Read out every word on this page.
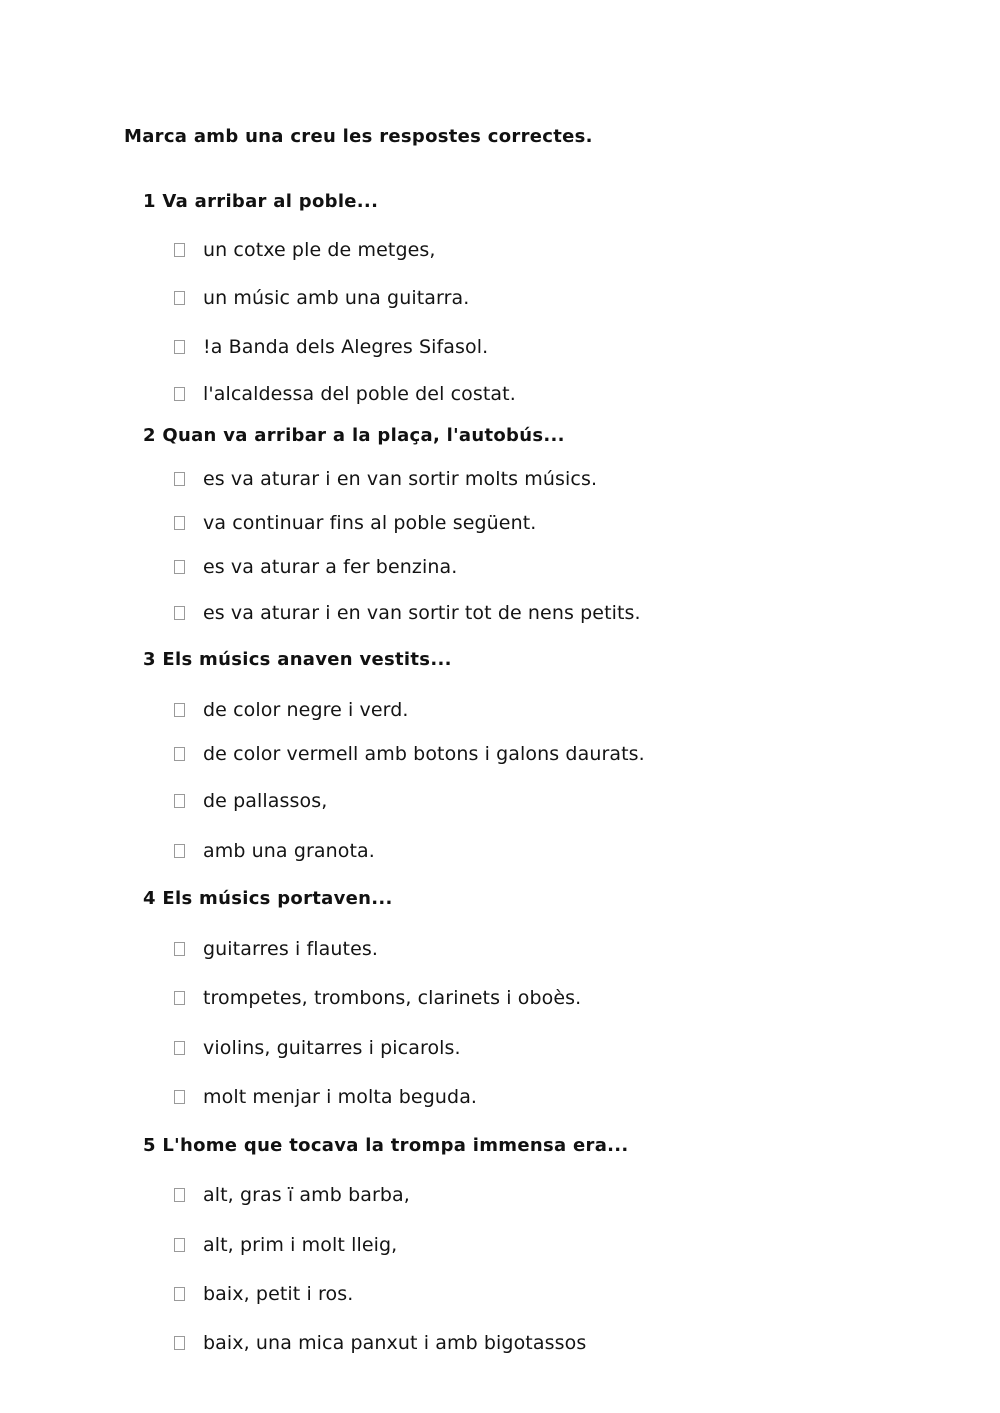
Marca amb una creu les respostes correctes.

1 Va arribar al poble...

un cotxe ple de metges,
un músic amb una guitarra.
!a Banda dels Alegres Sifasol.
l'alcaldessa del poble del costat.

2 Quan va arribar a la plaça, l'autobús...

es va aturar i en van sortir molts músics.
va continuar fins al poble següent.
es va aturar a fer benzina.
es va aturar i en van sortir tot de nens petits.

3 Els músics anaven vestits...

de color negre i verd.
de color vermell amb botons i galons daurats.
de pallassos,
amb una granota.

4 Els músics portaven...

guitarres i flautes.
trompetes, trombons, clarinets i oboès.
violins, guitarres i picarols.
molt menjar i molta beguda.

5 L'home que tocava la trompa immensa era...

alt, gras ï amb barba,
alt, prim i molt lleig,
baix, petit i ros.
baix, una mica panxut i amb bigotassos
